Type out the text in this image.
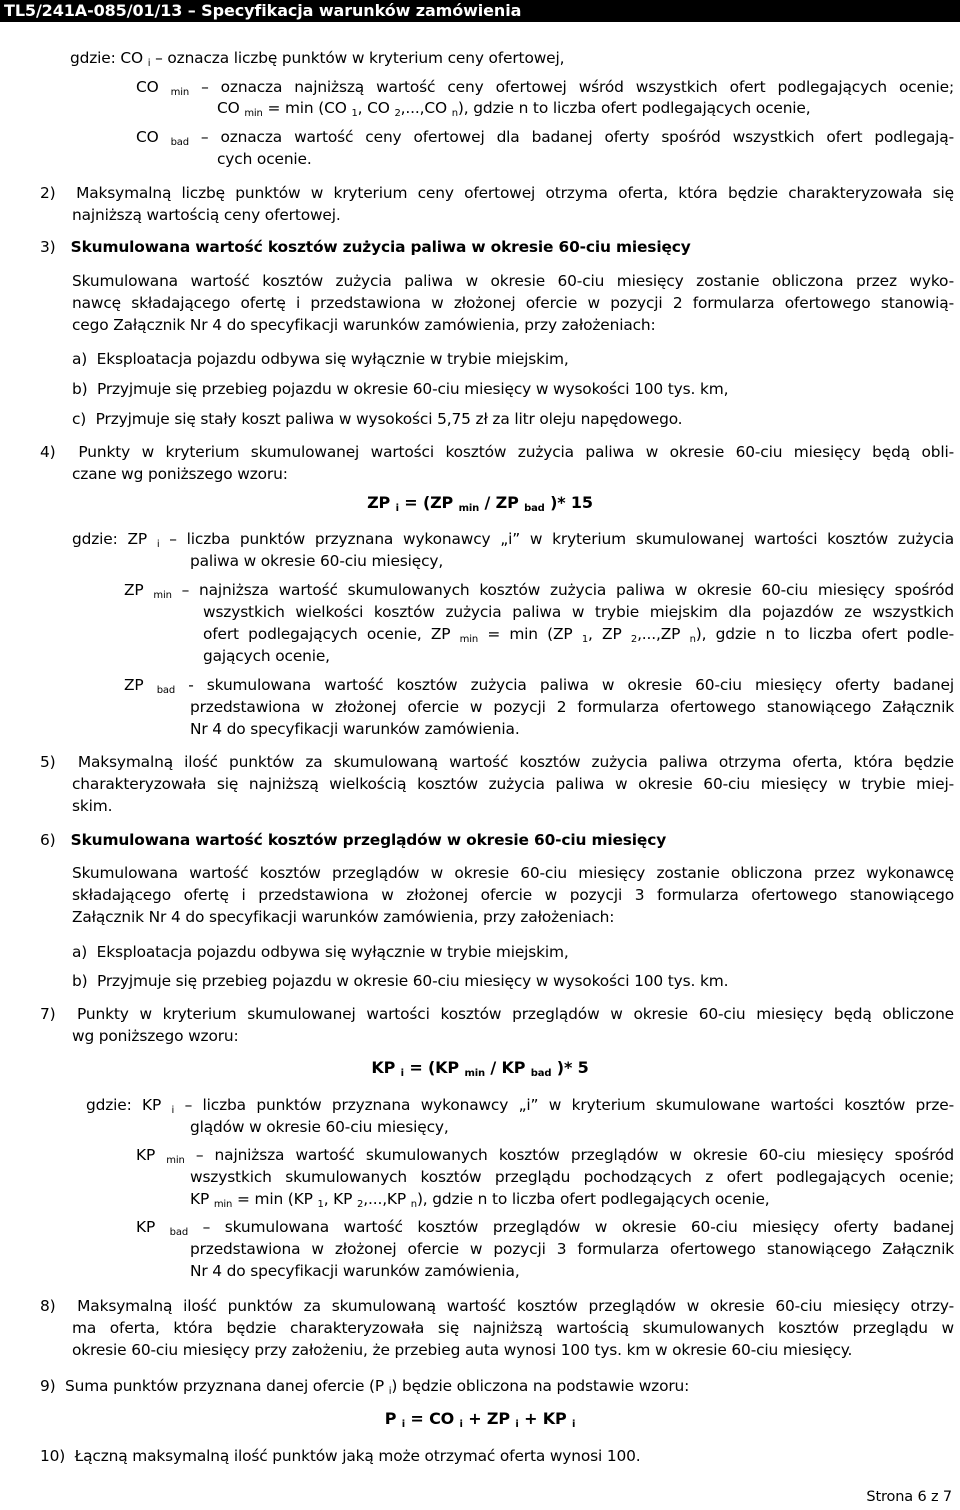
TL5/241A-085/01/13 – Specyfikacja warunków zamówienia
gdzie: CO $_i$ – oznacza liczbę punktów w kryterium ceny ofertowej,
CO $_{min}$ – oznacza najniższą wartość ceny ofertowej wśród wszystkich ofert podlegających ocenie;
CO $_{min}$ = min (CO $_1$, CO $_2$,...,CO $_n$), gdzie n to liczba ofert podlegających ocenie,
CO $_{bad}$ – oznacza wartość ceny ofertowej dla badanej oferty spośród wszystkich ofert podlegają-
cych ocenie.
2)  Maksymalną liczbę punktów w kryterium ceny ofertowej otrzyma oferta, która będzie charakteryzowała się
najniższą wartością ceny ofertowej.
3)   Skumulowana wartość kosztów zużycia paliwa w okresie 60-ciu miesięcy
Skumulowana wartość kosztów zużycia paliwa w okresie 60-ciu miesięcy zostanie obliczona przez wyko-
nawcę składającego ofertę i przedstawiona w złożonej ofercie w pozycji 2 formularza ofertowego stanowią-
cego Załącznik Nr 4 do specyfikacji warunków zamówienia, przy założeniach:
a)  Eksploatacja pojazdu odbywa się wyłącznie w trybie miejskim,
b)  Przyjmuje się przebieg pojazdu w okresie 60-ciu miesięcy w wysokości 100 tys. km,
c)  Przyjmuje się stały koszt paliwa w wysokości 5,75 zł za litr oleju napędowego.
4)  Punkty w kryterium skumulowanej wartości kosztów zużycia paliwa w okresie 60-ciu miesięcy będą obli-
czane wg poniższego wzoru:
ZP $_i$ = (ZP $_{min}$ / ZP $_{bad}$ )* 15
gdzie: ZP $_i$ – liczba punktów przyznana wykonawcy „i” w kryterium skumulowanej wartości kosztów zużycia
paliwa w okresie 60-ciu miesięcy,
ZP $_{min}$ – najniższa wartość skumulowanych kosztów zużycia paliwa w okresie 60-ciu miesięcy spośród
wszystkich wielkości kosztów zużycia paliwa w trybie miejskim dla pojazdów ze wszystkich
ofert podlegających ocenie, ZP $_{min}$ = min (ZP $_1$, ZP $_2$,...,ZP $_n$), gdzie n to liczba ofert podle-
gających ocenie,
ZP $_{bad}$ - skumulowana wartość kosztów zużycia paliwa w okresie 60-ciu miesięcy oferty badanej
przedstawiona w złożonej ofercie w pozycji 2 formularza ofertowego stanowiącego Załącznik
Nr 4 do specyfikacji warunków zamówienia.
5)  Maksymalną ilość punktów za skumulowaną wartość kosztów zużycia paliwa otrzyma oferta, która będzie
charakteryzowała się najniższą wielkością kosztów zużycia paliwa w okresie 60-ciu miesięcy w trybie miej-
skim.
6)   Skumulowana wartość kosztów przeglądów w okresie 60-ciu miesięcy
Skumulowana wartość kosztów przeglądów w okresie 60-ciu miesięcy zostanie obliczona przez wykonawcę
składającego ofertę i przedstawiona w złożonej ofercie w pozycji 3 formularza ofertowego stanowiącego
Załącznik Nr 4 do specyfikacji warunków zamówienia, przy założeniach:
a)  Eksploatacja pojazdu odbywa się wyłącznie w trybie miejskim,
b)  Przyjmuje się przebieg pojazdu w okresie 60-ciu miesięcy w wysokości 100 tys. km.
7)  Punkty w kryterium skumulowanej wartości kosztów przeglądów w okresie 60-ciu miesięcy będą obliczone
wg poniższego wzoru:
KP $_i$ = (KP $_{min}$ / KP $_{bad}$ )* 5
gdzie: KP $_i$ – liczba punktów przyznana wykonawcy „i” w kryterium skumulowane wartości kosztów prze-
glądów w okresie 60-ciu miesięcy,
KP $_{min}$ – najniższa wartość skumulowanych kosztów przeglądów w okresie 60-ciu miesięcy spośród
wszystkich skumulowanych kosztów przeglądu pochodzących z ofert podlegających ocenie;
KP $_{min}$ = min (KP $_1$, KP $_2$,...,KP $_n$), gdzie n to liczba ofert podlegających ocenie,
KP $_{bad}$ – skumulowana wartość kosztów przeglądów w okresie 60-ciu miesięcy oferty badanej
przedstawiona w złożonej ofercie w pozycji 3 formularza ofertowego stanowiącego Załącznik
Nr 4 do specyfikacji warunków zamówienia,
8)  Maksymalną ilość punktów za skumulowaną wartość kosztów przeglądów w okresie 60-ciu miesięcy otrzy-
ma oferta, która będzie charakteryzowała się najniższą wartością skumulowanych kosztów przeglądu w
okresie 60-ciu miesięcy przy założeniu, że przebieg auta wynosi 100 tys. km w okresie 60-ciu miesięcy.
9)  Suma punktów przyznana danej ofercie (P $_i$) będzie obliczona na podstawie wzoru:
P $_i$ = CO $_i$ + ZP $_i$ + KP $_i$
10)  Łączną maksymalną ilość punktów jaką może otrzymać oferta wynosi 100.
Strona 6 z 7
